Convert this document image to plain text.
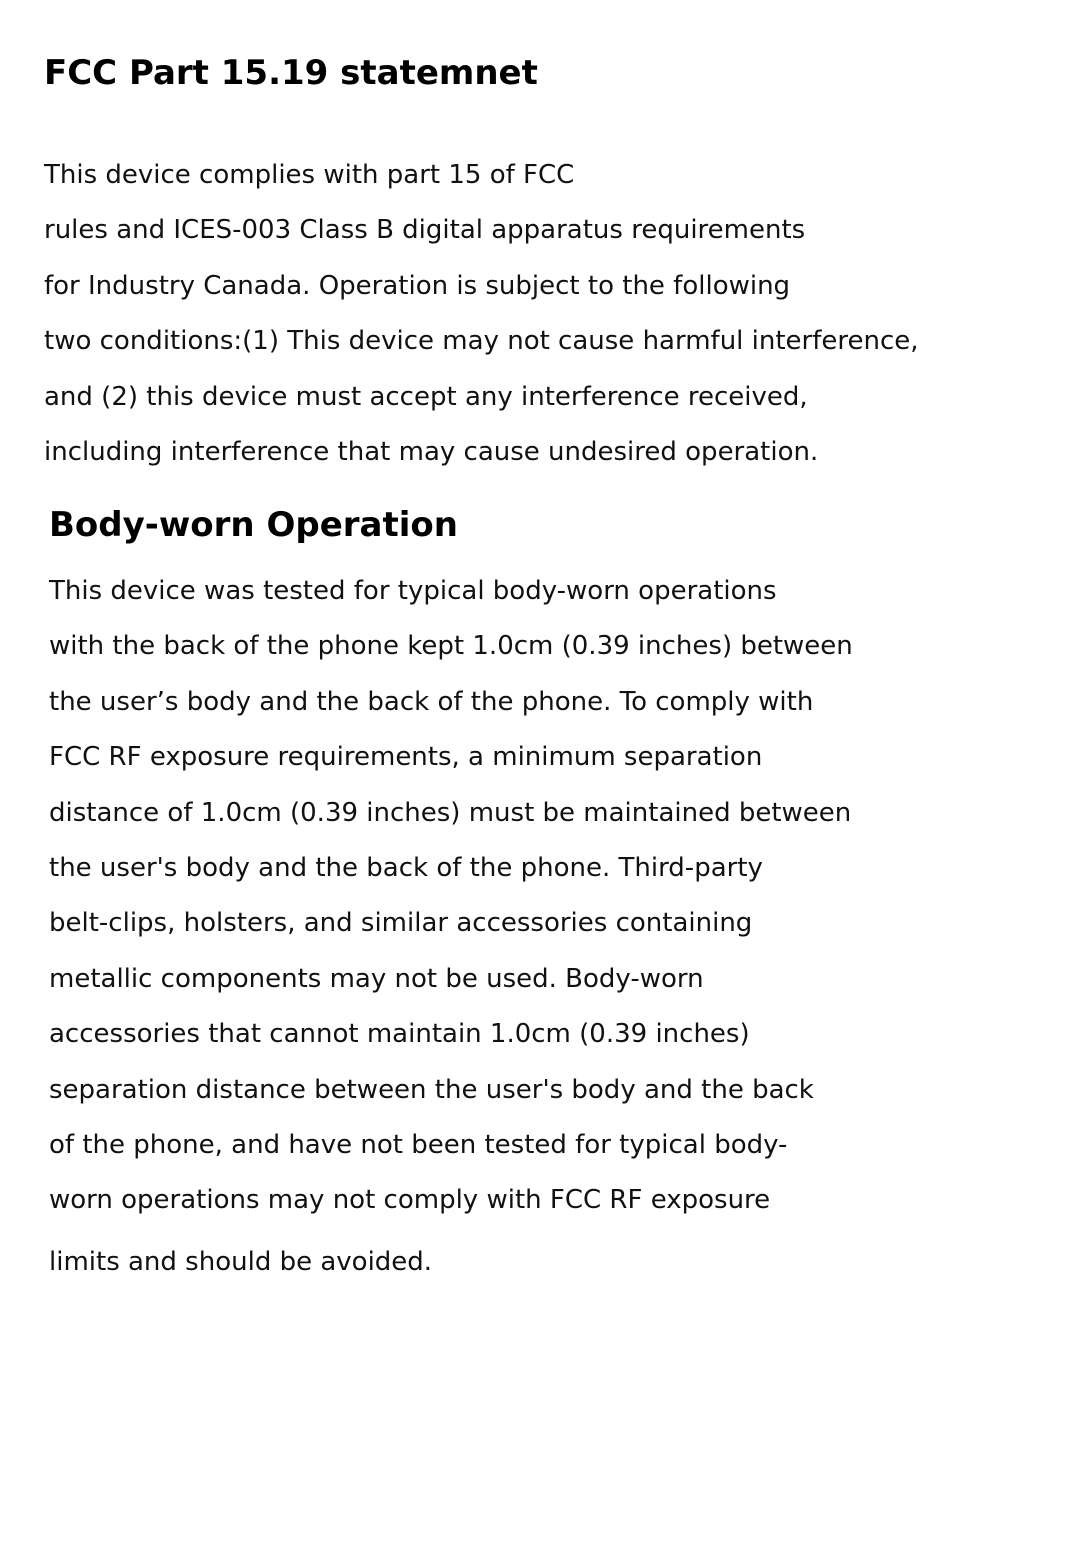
FCC Part 15.19 statemnet

This device complies with part 15 of FCC
rules and ICES-003 Class B digital apparatus requirements
for Industry Canada. Operation is subject to the following
two conditions:(1) This device may not cause harmful interference,
and (2) this device must accept any interference received,
including interference that may cause undesired operation.

Body-worn Operation

This device was tested for typical body-worn operations
with the back of the phone kept 1.0cm (0.39 inches) between
the user’s body and the back of the phone. To comply with
FCC RF exposure requirements, a minimum separation
distance of 1.0cm (0.39 inches) must be maintained between
the user's body and the back of the phone. Third-party
belt-clips, holsters, and similar accessories containing
metallic components may not be used. Body-worn
accessories that cannot maintain 1.0cm (0.39 inches)
separation distance between the user's body and the back
of the phone, and have not been tested for typical body-
worn operations may not comply with FCC RF exposure
limits and should be avoided.
